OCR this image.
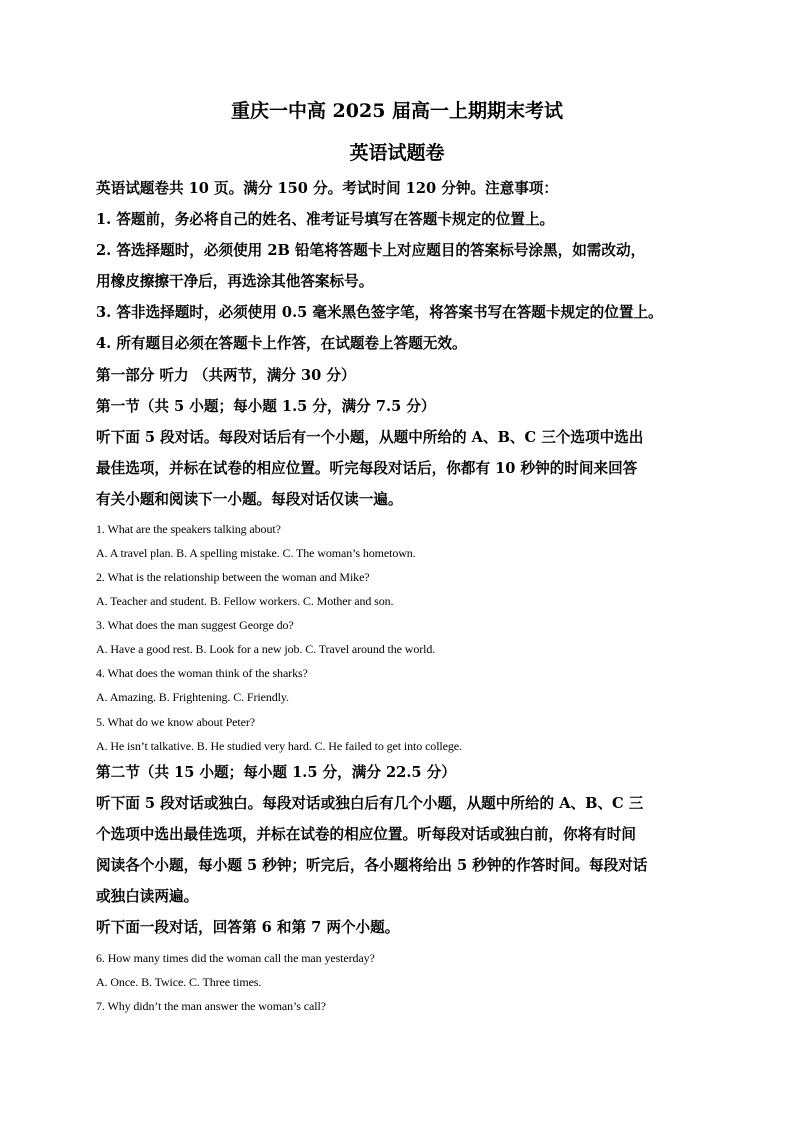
重庆一中高 2025 届高一上期期末考试
英语试题卷
英语试题卷共 10 页。满分 150 分。考试时间 120 分钟。注意事项：
1. 答题前，务必将自己的姓名、准考证号填写在答题卡规定的位置上。
2. 答选择题时，必须使用 2B 铅笔将答题卡上对应题目的答案标号涂黑，如需改动，
用橡皮擦擦干净后，再选涂其他答案标号。
3. 答非选择题时，必须使用 0.5 毫米黑色签字笔，将答案书写在答题卡规定的位置上。
4. 所有题目必须在答题卡上作答，在试题卷上答题无效。
第一部分 听力 （共两节，满分 30 分）
第一节（共 5 小题；每小题 1.5 分，满分 7.5 分）
听下面 5 段对话。每段对话后有一个小题，从题中所给的 A、B、C 三个选项中选出
最佳选项，并标在试卷的相应位置。听完每段对话后，你都有 10 秒钟的时间来回答
有关小题和阅读下一小题。每段对话仅读一遍。
1. What are the speakers talking about?
A. A travel plan. B. A spelling mistake. C. The woman’s hometown.
2. What is the relationship between the woman and Mike?
A. Teacher and student. B. Fellow workers. C. Mother and son.
3. What does the man suggest George do?
A. Have a good rest. B. Look for a new job. C. Travel around the world.
4. What does the woman think of the sharks?
A. Amazing. B. Frightening. C. Friendly.
5. What do we know about Peter?
A. He isn’t talkative. B. He studied very hard. C. He failed to get into college.
第二节（共 15 小题；每小题 1.5 分，满分 22.5 分）
听下面 5 段对话或独白。每段对话或独白后有几个小题，从题中所给的 A、B、C 三
个选项中选出最佳选项，并标在试卷的相应位置。听每段对话或独白前，你将有时间
阅读各个小题，每小题 5 秒钟；听完后，各小题将给出 5 秒钟的作答时间。每段对话
或独白读两遍。
听下面一段对话，回答第 6 和第 7 两个小题。
6. How many times did the woman call the man yesterday?
A. Once. B. Twice. C. Three times.
7. Why didn’t the man answer the woman’s call?
